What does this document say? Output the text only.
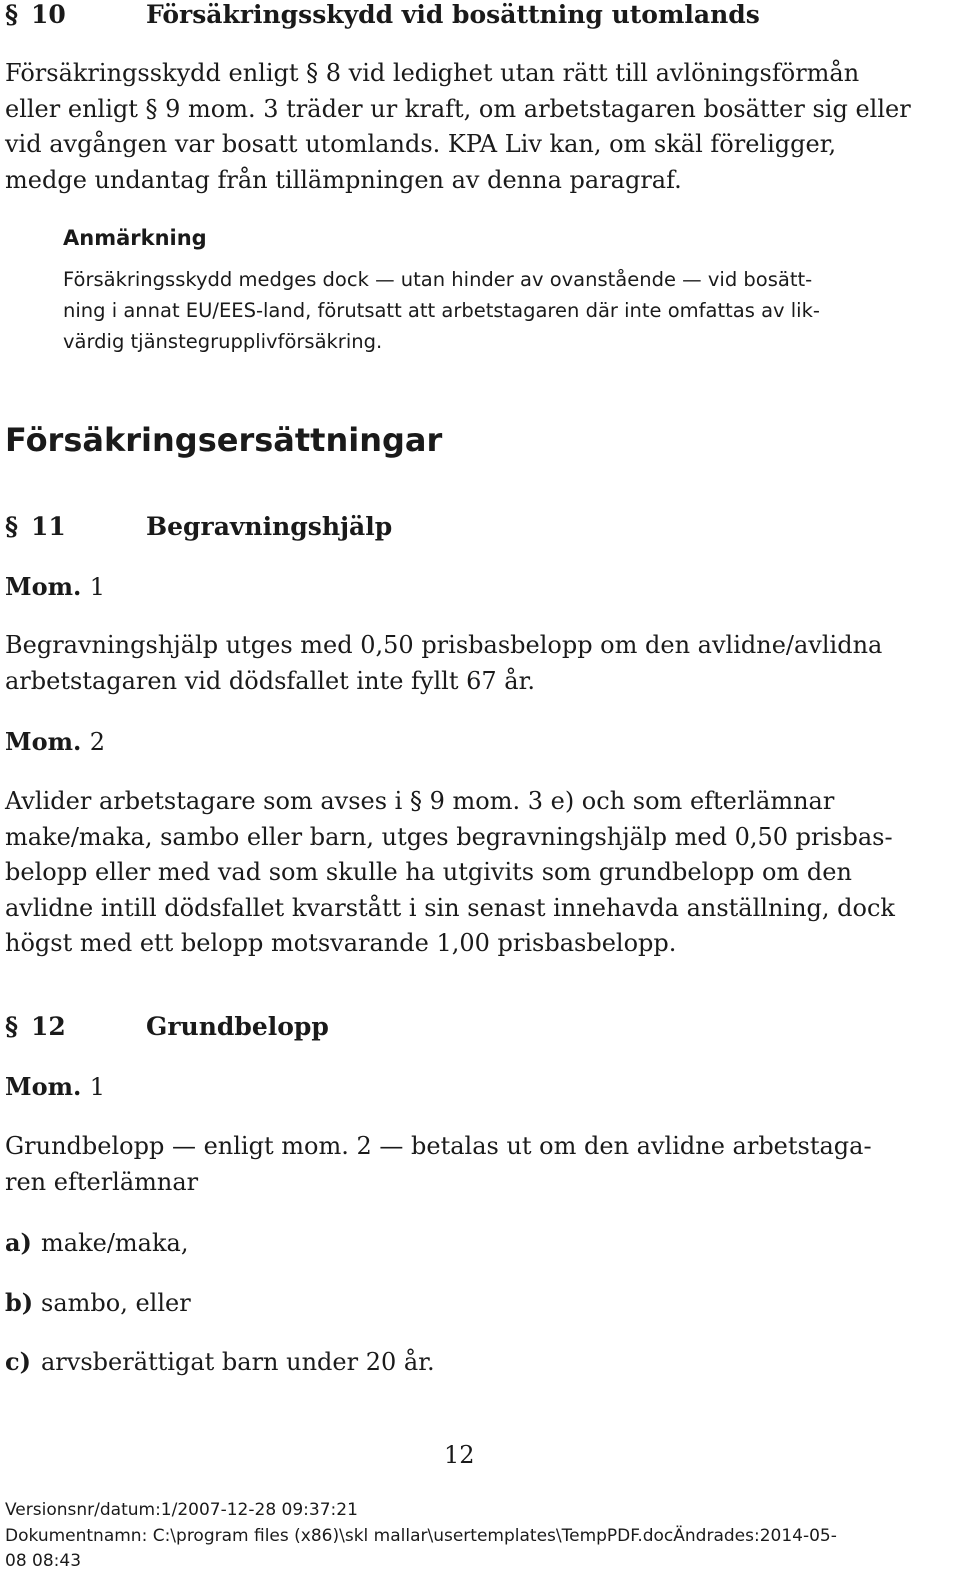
§ 10	Försäkringsskydd vid bosättning utomlands
Försäkringsskydd enligt § 8 vid ledighet utan rätt till avlöningsförmån
eller enligt § 9 mom. 3 träder ur kraft, om arbetstagaren bosätter sig eller
vid avgången var bosatt utomlands. KPA Liv kan, om skäl föreligger,
medge undantag från tillämpningen av denna paragraf.
Anmärkning
Försäkringsskydd medges dock — utan hinder av ovanstående — vid bosätt-
ning i annat EU/EES-land, förutsatt att arbetstagaren där inte omfattas av lik-
värdig tjänstegrupplivförsäkring.
Försäkringsersättningar
§ 11	Begravningshjälp
Mom. 1
Begravningshjälp utges med 0,50 prisbasbelopp om den avlidne/avlidna
arbetstagaren vid dödsfallet inte fyllt 67 år.
Mom. 2
Avlider arbetstagare som avses i § 9 mom. 3 e) och som efterlämnar
make/maka, sambo eller barn, utges begravningshjälp med 0,50 prisbas-
belopp eller med vad som skulle ha utgivits som grundbelopp om den
avlidne intill dödsfallet kvarstått i sin senast innehavda anställning, dock
högst med ett belopp motsvarande 1,00 prisbasbelopp.
§ 12	Grundbelopp
Mom. 1
Grundbelopp — enligt mom. 2 — betalas ut om den avlidne arbetstaga-
ren efterlämnar
a) make/maka,
b) sambo, eller
c) arvsberättigat barn under 20 år.
12
Versionsnr/datum:1/2007-12-28 09:37:21
Dokumentnamn: C:\program files (x86)\skl mallar\usertemplates\TempPDF.docÄndrades:2014-05-
08 08:43
